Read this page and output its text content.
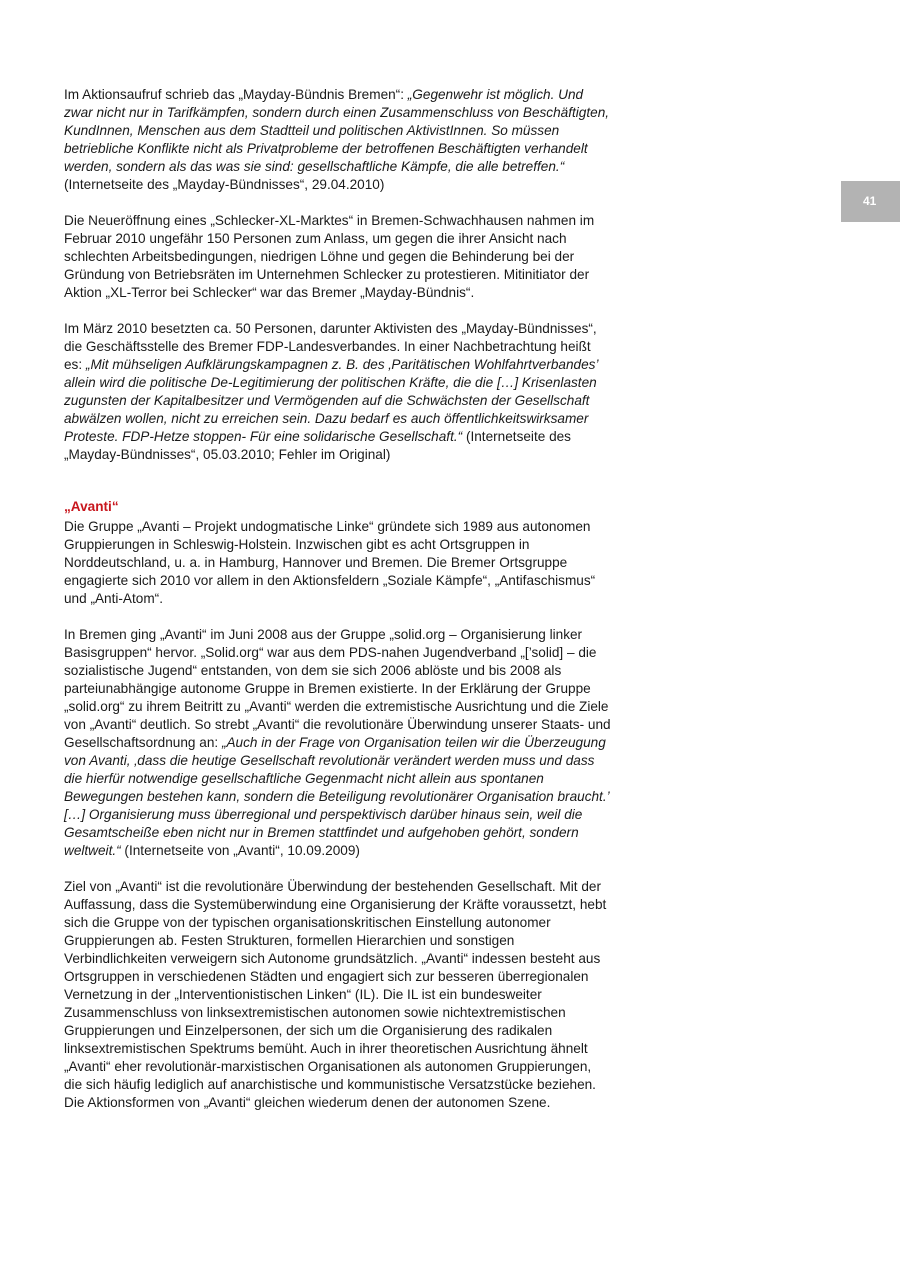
41

Im Aktionsaufruf schrieb das „Mayday-Bündnis Bremen“: „Gegenwehr ist möglich. Und zwar nicht nur in Tarifkämpfen, sondern durch einen Zusammenschluss von Beschäftigten, KundInnen, Menschen aus dem Stadtteil und politischen AktivistInnen. So müssen betriebliche Konflikte nicht als Privatprobleme der betroffenen Beschäftigten verhandelt werden, sondern als das was sie sind: gesellschaftliche Kämpfe, die alle betreffen.“ (Internetseite des „Mayday-Bündnisses“, 29.04.2010)

Die Neueröffnung eines „Schlecker-XL-Marktes“ in Bremen-Schwachhausen nahmen im Februar 2010 ungefähr 150 Personen zum Anlass, um gegen die ihrer Ansicht nach schlechten Arbeitsbedingungen, niedrigen Löhne und gegen die Behinderung bei der Gründung von Betriebsräten im Unternehmen Schlecker zu protestieren. Mitinitiator der Aktion „XL-Terror bei Schlecker“ war das Bremer „Mayday-Bündnis“.

Im März 2010 besetzten ca. 50 Personen, darunter Aktivisten des „Mayday-Bündnisses“, die Geschäftsstelle des Bremer FDP-Landesverbandes. In einer Nachbetrachtung heißt es: „Mit mühseligen Aufklärungskampagnen z. B. des ‚Paritätischen Wohlfahrtverbandes’ allein wird die politische De-Legitimierung der politischen Kräfte, die die […] Krisenlasten zugunsten der Kapitalbesitzer und Vermögenden auf die Schwächsten der Gesellschaft abwälzen wollen, nicht zu erreichen sein. Dazu bedarf es auch öffentlichkeitswirksamer Proteste. FDP-Hetze stoppen- Für eine solidarische Gesellschaft.“ (Internetseite des „Mayday-Bündnisses“, 05.03.2010; Fehler im Original)

„Avanti“

Die Gruppe „Avanti – Projekt undogmatische Linke“ gründete sich 1989 aus autonomen Gruppierungen in Schleswig-Holstein. Inzwischen gibt es acht Ortsgruppen in Norddeutschland, u. a. in Hamburg, Hannover und Bremen. Die Bremer Ortsgruppe engagierte sich 2010 vor allem in den Aktionsfeldern „Soziale Kämpfe“, „Antifaschismus“ und „Anti-Atom“.

In Bremen ging „Avanti“ im Juni 2008 aus der Gruppe „solid.org – Organisierung linker Basisgruppen“ hervor. „Solid.org“ war aus dem PDS-nahen Jugendverband „[’solid] – die sozialistische Jugend“ entstanden, von dem sie sich 2006 ablöste und bis 2008 als parteiunabhängige autonome Gruppe in Bremen existierte. In der Erklärung der Gruppe „solid.org“ zu ihrem Beitritt zu „Avanti“ werden die extremistische Ausrichtung und die Ziele von „Avanti“ deutlich. So strebt „Avanti“ die revolutionäre Überwindung unserer Staats- und Gesellschaftsordnung an: „Auch in der Frage von Organisation teilen wir die Überzeugung von Avanti, ‚dass die heutige Gesellschaft revolutionär verändert werden muss und dass die hierfür notwendige gesellschaftliche Gegenmacht nicht allein aus spontanen Bewegungen bestehen kann, sondern die Beteiligung revolutionärer Organisation braucht.’ […] Organisierung muss überregional und perspektivisch darüber hinaus sein, weil die Gesamtscheiße eben nicht nur in Bremen stattfindet und aufgehoben gehört, sondern weltweit.“ (Internetseite von „Avanti“, 10.09.2009)

Ziel von „Avanti“ ist die revolutionäre Überwindung der bestehenden Gesellschaft. Mit der Auffassung, dass die Systemüberwindung eine Organisierung der Kräfte voraussetzt, hebt sich die Gruppe von der typischen organisationskritischen Einstellung autonomer Gruppierungen ab. Festen Strukturen, formellen Hierarchien und sonstigen Verbindlichkeiten verweigern sich Autonome grundsätzlich. „Avanti“ indessen besteht aus Ortsgruppen in verschiedenen Städten und engagiert sich zur besseren überregionalen Vernetzung in der „Interventionistischen Linken“ (IL). Die IL ist ein bundesweiter Zusammenschluss von linksextremistischen autonomen sowie nichtextremistischen Gruppierungen und Einzelpersonen, der sich um die Organisierung des radikalen linksextremistischen Spektrums bemüht. Auch in ihrer theoretischen Ausrichtung ähnelt „Avanti“ eher revolutionär-marxistischen Organisationen als autonomen Gruppierungen, die sich häufig lediglich auf anarchistische und kommunistische Versatzstücke beziehen. Die Aktionsformen von „Avanti“ gleichen wiederum denen der autonomen Szene.
